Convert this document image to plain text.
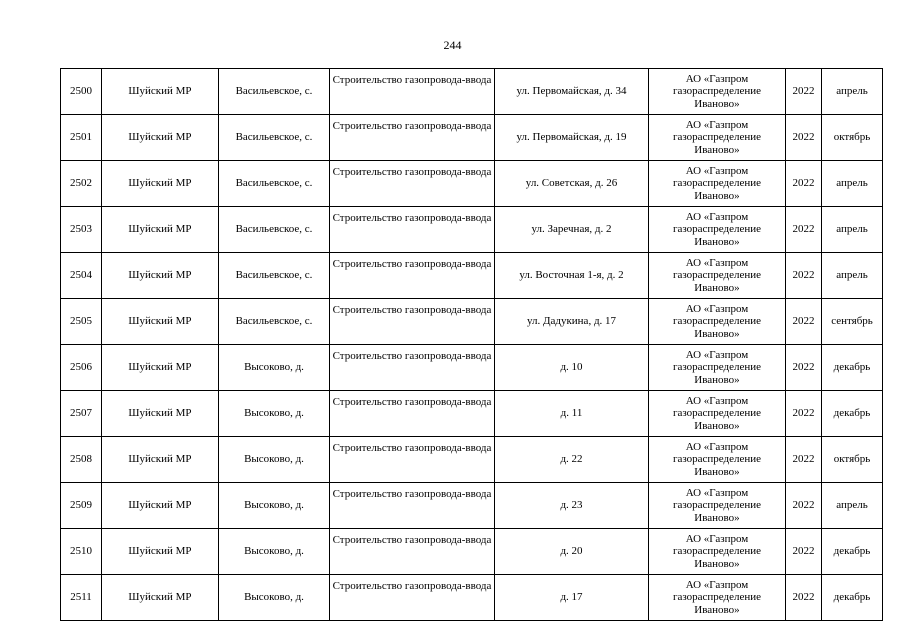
244
2500	Шуйский МР	Васильевское, с.	Строительство газопровода-ввода	ул. Первомайская, д. 34	АО «Газпром
газораспределение
Иваново»	2022	апрель
2501	Шуйский МР	Васильевское, с.	Строительство газопровода-ввода	ул. Первомайская, д. 19	АО «Газпром
газораспределение
Иваново»	2022	октябрь
2502	Шуйский МР	Васильевское, с.	Строительство газопровода-ввода	ул. Советская, д. 26	АО «Газпром
газораспределение
Иваново»	2022	апрель
2503	Шуйский МР	Васильевское, с.	Строительство газопровода-ввода	ул. Заречная, д. 2	АО «Газпром
газораспределение
Иваново»	2022	апрель
2504	Шуйский МР	Васильевское, с.	Строительство газопровода-ввода	ул. Восточная 1-я, д. 2	АО «Газпром
газораспределение
Иваново»	2022	апрель
2505	Шуйский МР	Васильевское, с.	Строительство газопровода-ввода	ул. Дадукина, д. 17	АО «Газпром
газораспределение
Иваново»	2022	сентябрь
2506	Шуйский МР	Высоково, д.	Строительство газопровода-ввода	д. 10	АО «Газпром
газораспределение
Иваново»	2022	декабрь
2507	Шуйский МР	Высоково, д.	Строительство газопровода-ввода	д. 11	АО «Газпром
газораспределение
Иваново»	2022	декабрь
2508	Шуйский МР	Высоково, д.	Строительство газопровода-ввода	д. 22	АО «Газпром
газораспределение
Иваново»	2022	октябрь
2509	Шуйский МР	Высоково, д.	Строительство газопровода-ввода	д. 23	АО «Газпром
газораспределение
Иваново»	2022	апрель
2510	Шуйский МР	Высоково, д.	Строительство газопровода-ввода	д. 20	АО «Газпром
газораспределение
Иваново»	2022	декабрь
2511	Шуйский МР	Высоково, д.	Строительство газопровода-ввода	д. 17	АО «Газпром
газораспределение
Иваново»	2022	декабрь
